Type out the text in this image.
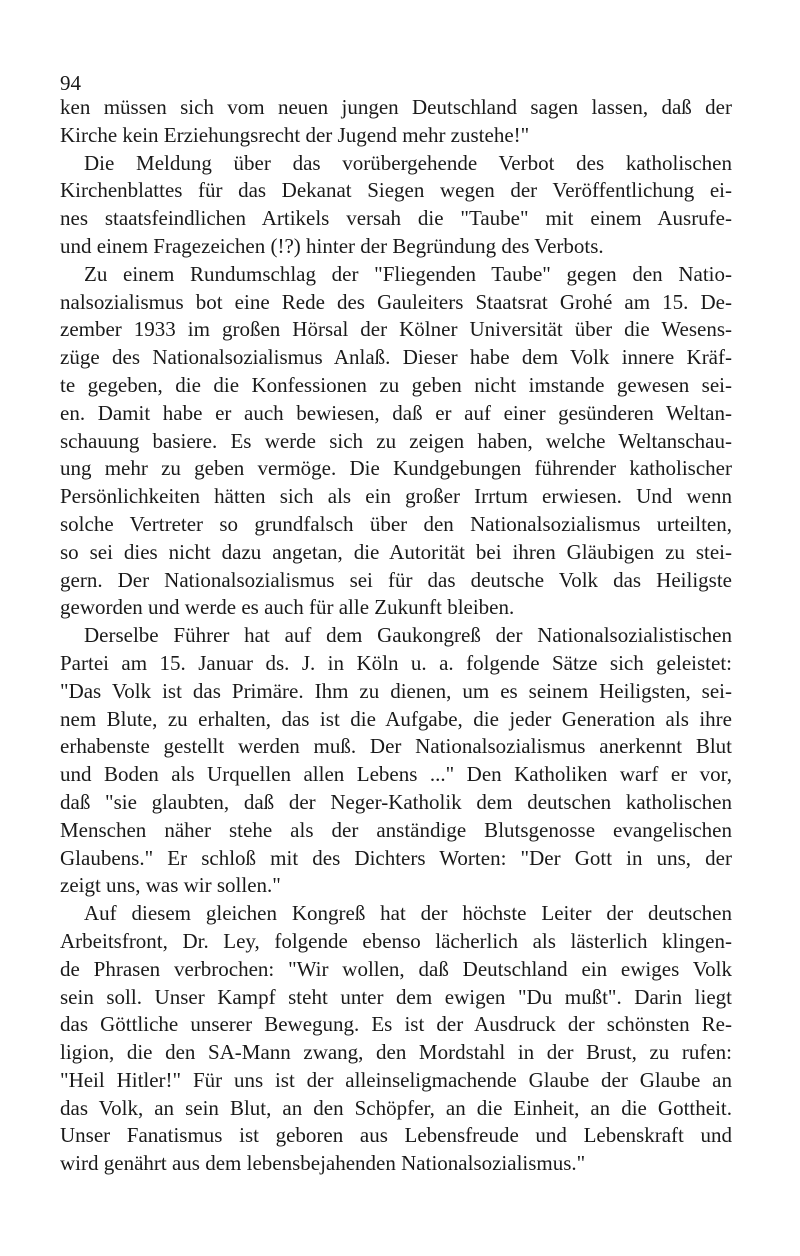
94
ken müssen sich vom neuen jungen Deutschland sagen lassen, daß der
Kirche kein Erziehungsrecht der Jugend mehr zustehe!"
Die Meldung über das vorübergehende Verbot des katholischen
Kirchenblattes für das Dekanat Siegen wegen der Veröffentlichung ei-
nes staatsfeindlichen Artikels versah die "Taube" mit einem Ausrufe-
und einem Fragezeichen (!?) hinter der Begründung des Verbots.
Zu einem Rundumschlag der "Fliegenden Taube" gegen den Natio-
nalsozialismus bot eine Rede des Gauleiters Staatsrat Grohé am 15. De-
zember 1933 im großen Hörsal der Kölner Universität über die Wesens-
züge des Nationalsozialismus Anlaß. Dieser habe dem Volk innere Kräf-
te gegeben, die die Konfessionen zu geben nicht imstande gewesen sei-
en. Damit habe er auch bewiesen, daß er auf einer gesünderen Weltan-
schauung basiere. Es werde sich zu zeigen haben, welche Weltanschau-
ung mehr zu geben vermöge. Die Kundgebungen führender katholischer
Persönlichkeiten hätten sich als ein großer Irrtum erwiesen. Und wenn
solche Vertreter so grundfalsch über den Nationalsozialismus urteilten,
so sei dies nicht dazu angetan, die Autorität bei ihren Gläubigen zu stei-
gern. Der Nationalsozialismus sei für das deutsche Volk das Heiligste
geworden und werde es auch für alle Zukunft bleiben.
Derselbe Führer hat auf dem Gaukongreß der Nationalsozialistischen
Partei am 15. Januar ds. J. in Köln u. a. folgende Sätze sich geleistet:
"Das Volk ist das Primäre. Ihm zu dienen, um es seinem Heiligsten, sei-
nem Blute, zu erhalten, das ist die Aufgabe, die jeder Generation als ihre
erhabenste gestellt werden muß. Der Nationalsozialismus anerkennt Blut
und Boden als Urquellen allen Lebens ..." Den Katholiken warf er vor,
daß "sie glaubten, daß der Neger-Katholik dem deutschen katholischen
Menschen näher stehe als der anständige Blutsgenosse evangelischen
Glaubens." Er schloß mit des Dichters Worten: "Der Gott in uns, der
zeigt uns, was wir sollen."
Auf diesem gleichen Kongreß hat der höchste Leiter der deutschen
Arbeitsfront, Dr. Ley, folgende ebenso lächerlich als lästerlich klingen-
de Phrasen verbrochen: "Wir wollen, daß Deutschland ein ewiges Volk
sein soll. Unser Kampf steht unter dem ewigen "Du mußt". Darin liegt
das Göttliche unserer Bewegung. Es ist der Ausdruck der schönsten Re-
ligion, die den SA-Mann zwang, den Mordstahl in der Brust, zu rufen:
"Heil Hitler!" Für uns ist der alleinseligmachende Glaube der Glaube an
das Volk, an sein Blut, an den Schöpfer, an die Einheit, an die Gottheit.
Unser Fanatismus ist geboren aus Lebensfreude und Lebenskraft und
wird genährt aus dem lebensbejahenden Nationalsozialismus."
